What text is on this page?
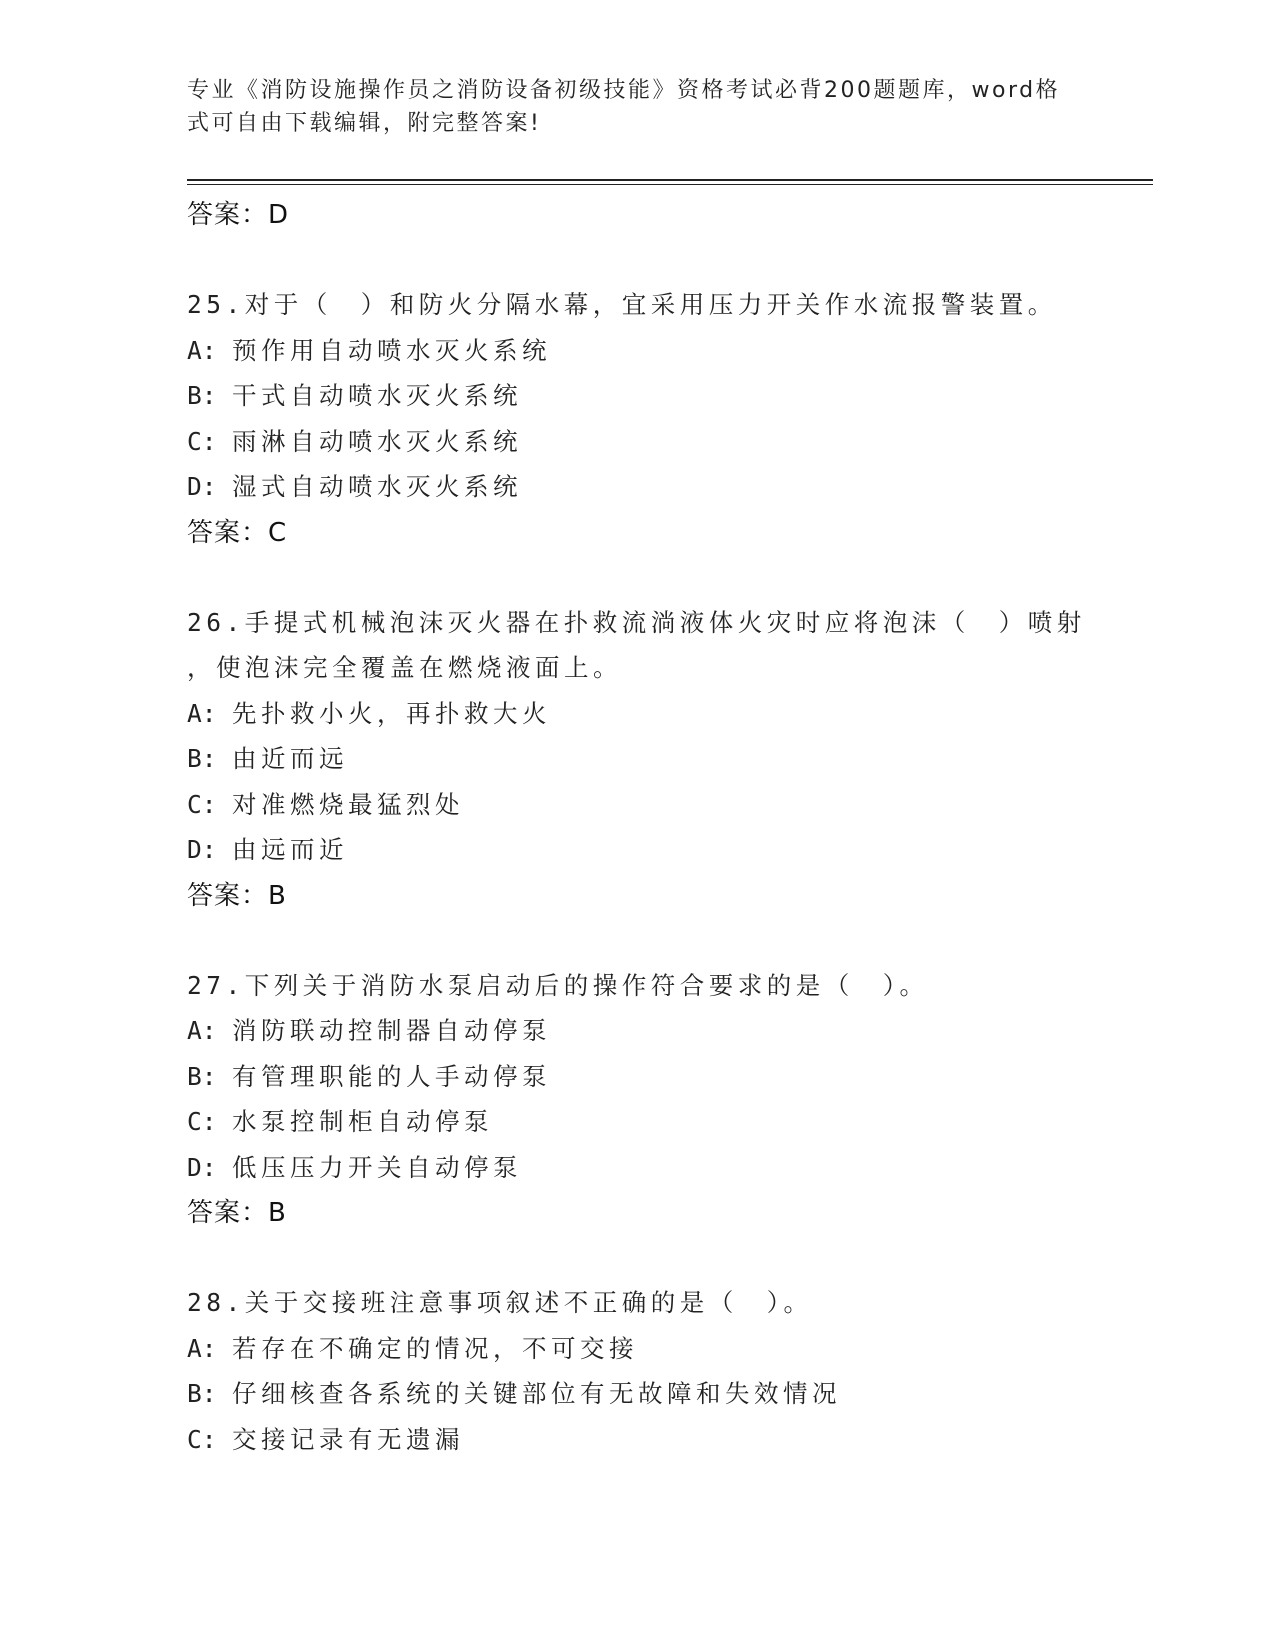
专业《消防设施操作员之消防设备初级技能》资格考试必背200题题库，word格
式可自由下载编辑，附完整答案!
答案：D
25.对于（　）和防火分隔水幕，宜采用压力开关作水流报警装置。
A: 预作用自动喷水灭火系统
B: 干式自动喷水灭火系统
C: 雨淋自动喷水灭火系统
D: 湿式自动喷水灭火系统
答案：C
26.手提式机械泡沫灭火器在扑救流淌液体火灾时应将泡沫（　）喷射
，使泡沫完全覆盖在燃烧液面上。
A: 先扑救小火，再扑救大火
B: 由近而远
C: 对准燃烧最猛烈处
D: 由远而近
答案：B
27.下列关于消防水泵启动后的操作符合要求的是（　）。
A: 消防联动控制器自动停泵
B: 有管理职能的人手动停泵
C: 水泵控制柜自动停泵
D: 低压压力开关自动停泵
答案：B
28.关于交接班注意事项叙述不正确的是（　）。
A: 若存在不确定的情况，不可交接
B: 仔细核查各系统的关键部位有无故障和失效情况
C: 交接记录有无遗漏
